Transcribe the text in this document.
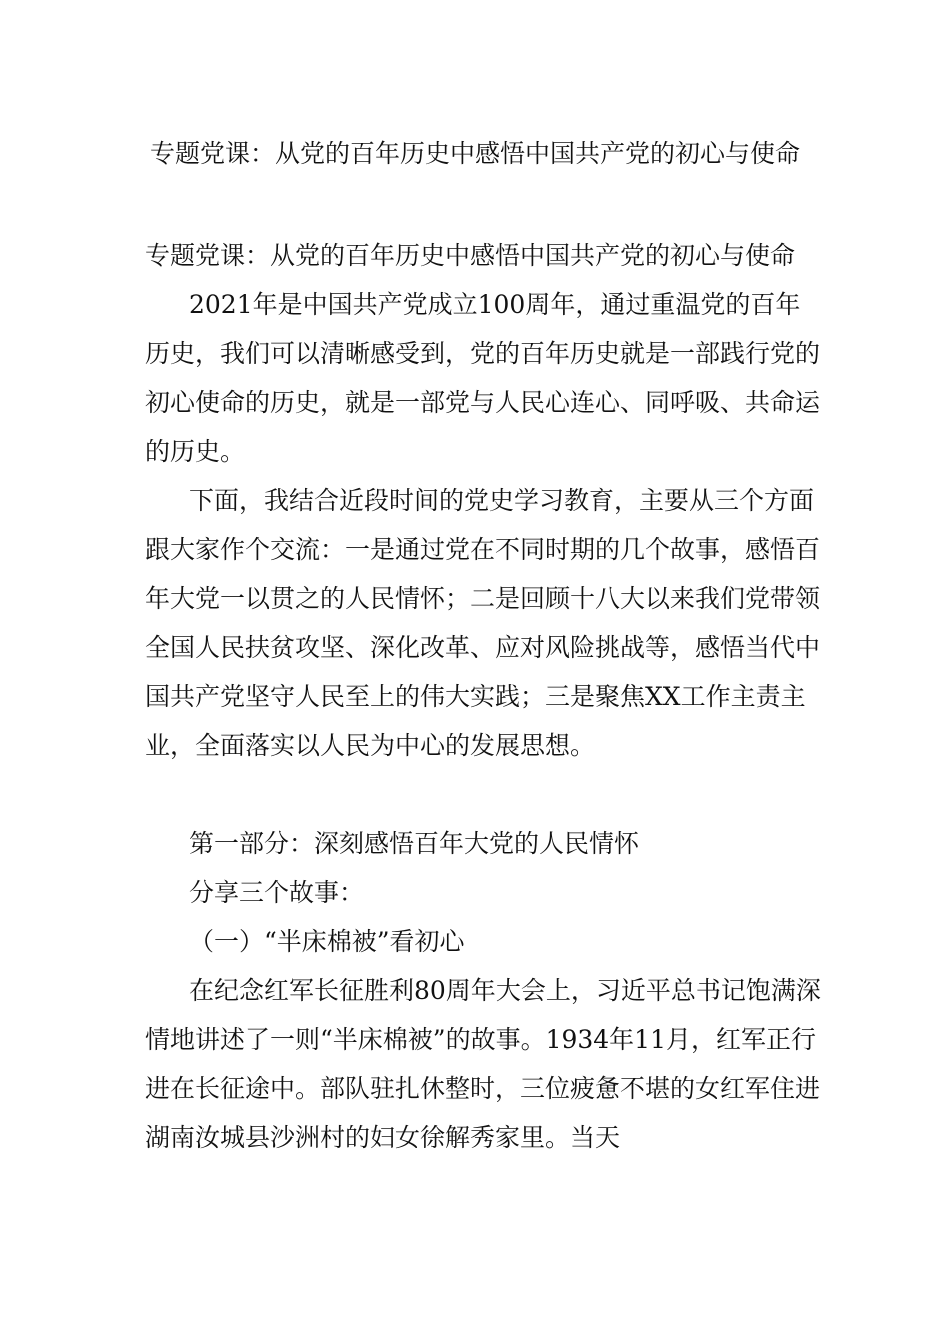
专题党课：从党的百年历史中感悟中国共产党的初心与使命

专题党课：从党的百年历史中感悟中国共产党的初心与使命

2021年是中国共产党成立100周年，通过重温党的百年历史，我们可以清晰感受到，党的百年历史就是一部践行党的初心使命的历史，就是一部党与人民心连心、同呼吸、共命运的历史。

下面，我结合近段时间的党史学习教育，主要从三个方面跟大家作个交流：一是通过党在不同时期的几个故事，感悟百年大党一以贯之的人民情怀；二是回顾十八大以来我们党带领全国人民扶贫攻坚、深化改革、应对风险挑战等，感悟当代中国共产党坚守人民至上的伟大实践；三是聚焦XX工作主责主业，全面落实以人民为中心的发展思想。

第一部分：深刻感悟百年大党的人民情怀

分享三个故事：

（一）“半床棉被”看初心

在纪念红军长征胜利80周年大会上，习近平总书记饱满深情地讲述了一则“半床棉被”的故事。1934年11月，红军正行进在长征途中。部队驻扎休整时，三位疲惫不堪的女红军住进湖南汝城县沙洲村的妇女徐解秀家里。当天
